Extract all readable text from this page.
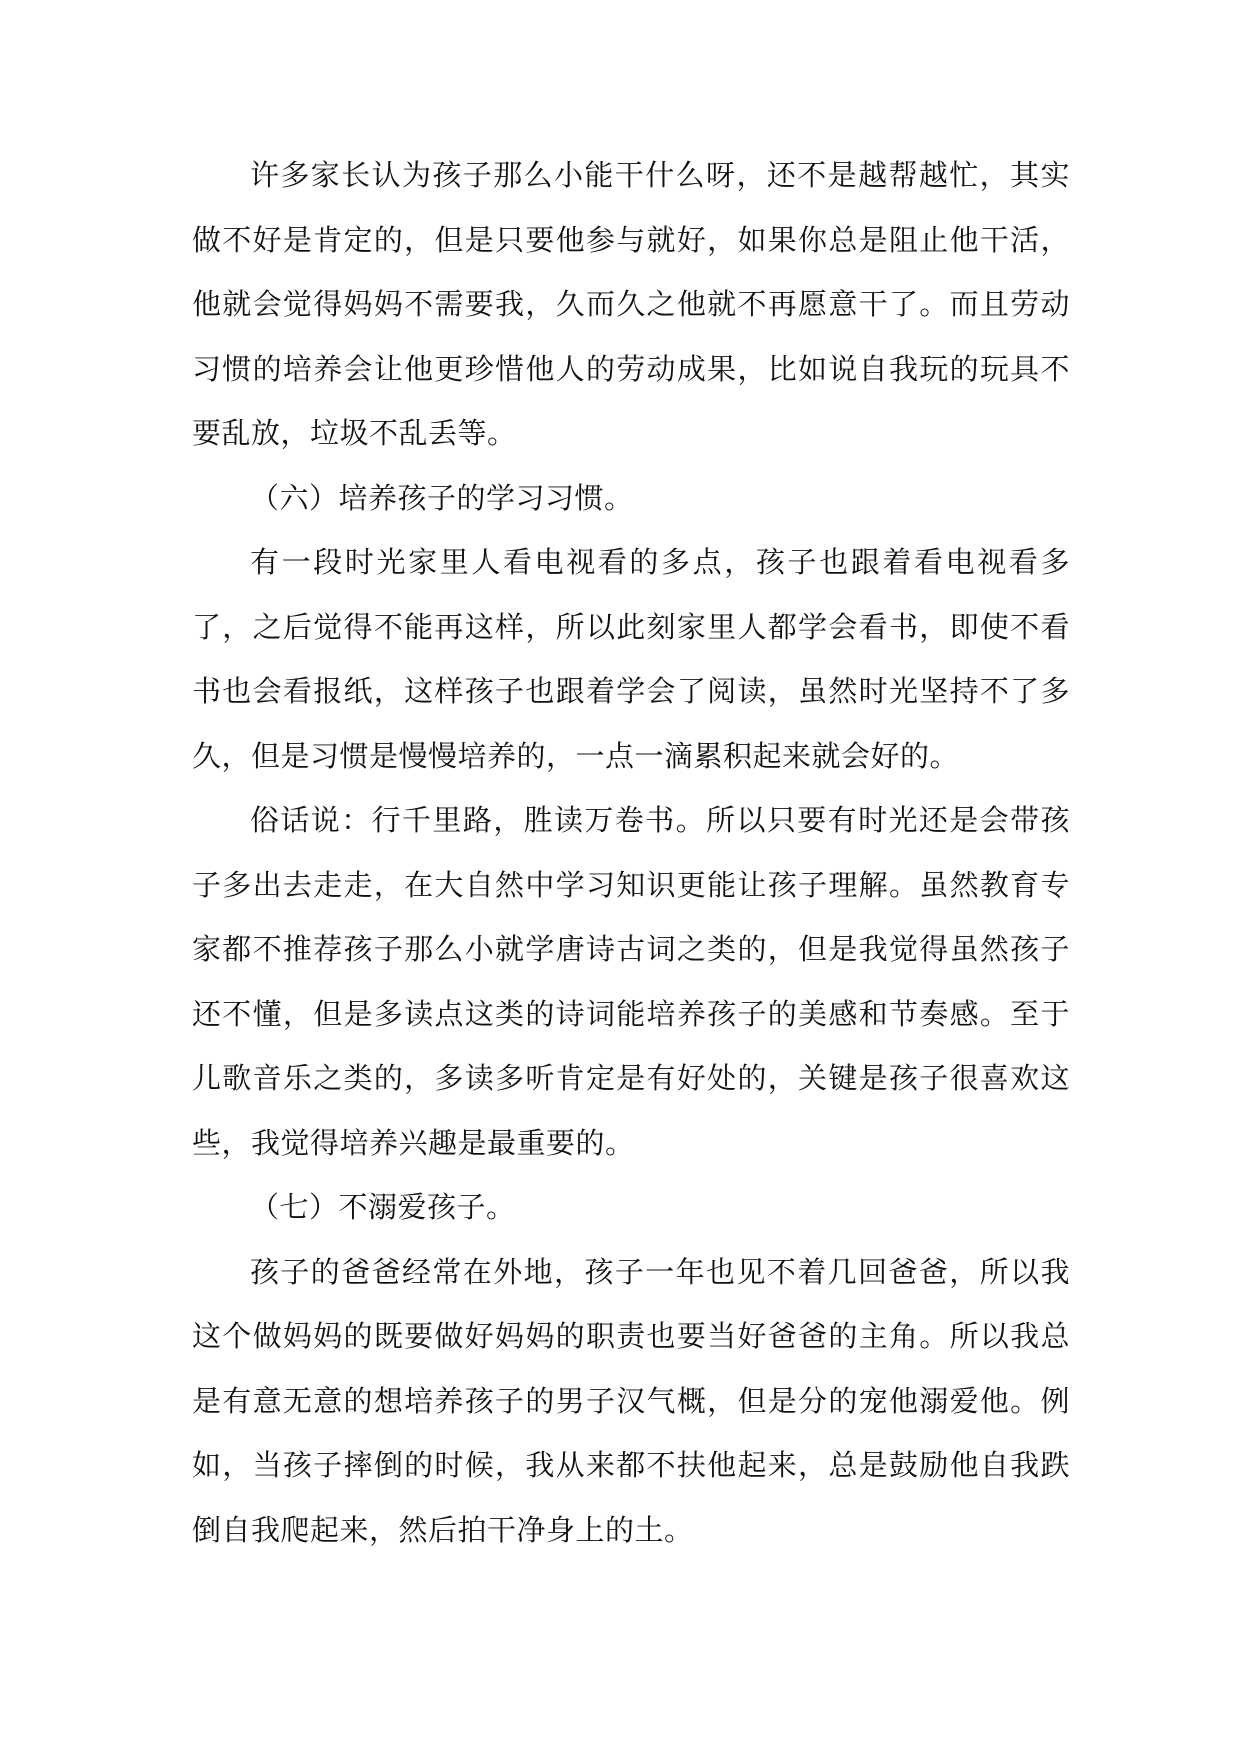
许多家长认为孩子那么小能干什么呀，还不是越帮越忙，其实做不好是肯定的，但是只要他参与就好，如果你总是阻止他干活，他就会觉得妈妈不需要我，久而久之他就不再愿意干了。而且劳动习惯的培养会让他更珍惜他人的劳动成果，比如说自我玩的玩具不要乱放，垃圾不乱丢等。

（六）培养孩子的学习习惯。

有一段时光家里人看电视看的多点，孩子也跟着看电视看多了，之后觉得不能再这样，所以此刻家里人都学会看书，即使不看书也会看报纸，这样孩子也跟着学会了阅读，虽然时光坚持不了多久，但是习惯是慢慢培养的，一点一滴累积起来就会好的。

俗话说：行千里路，胜读万卷书。所以只要有时光还是会带孩子多出去走走，在大自然中学习知识更能让孩子理解。虽然教育专家都不推荐孩子那么小就学唐诗古词之类的，但是我觉得虽然孩子还不懂，但是多读点这类的诗词能培养孩子的美感和节奏感。至于儿歌音乐之类的，多读多听肯定是有好处的，关键是孩子很喜欢这些，我觉得培养兴趣是最重要的。

（七）不溺爱孩子。

孩子的爸爸经常在外地，孩子一年也见不着几回爸爸，所以我这个做妈妈的既要做好妈妈的职责也要当好爸爸的主角。所以我总是有意无意的想培养孩子的男子汉气概，但是分的宠他溺爱他。例如，当孩子摔倒的时候，我从来都不扶他起来，总是鼓励他自我跌倒自我爬起来，然后拍干净身上的土。
